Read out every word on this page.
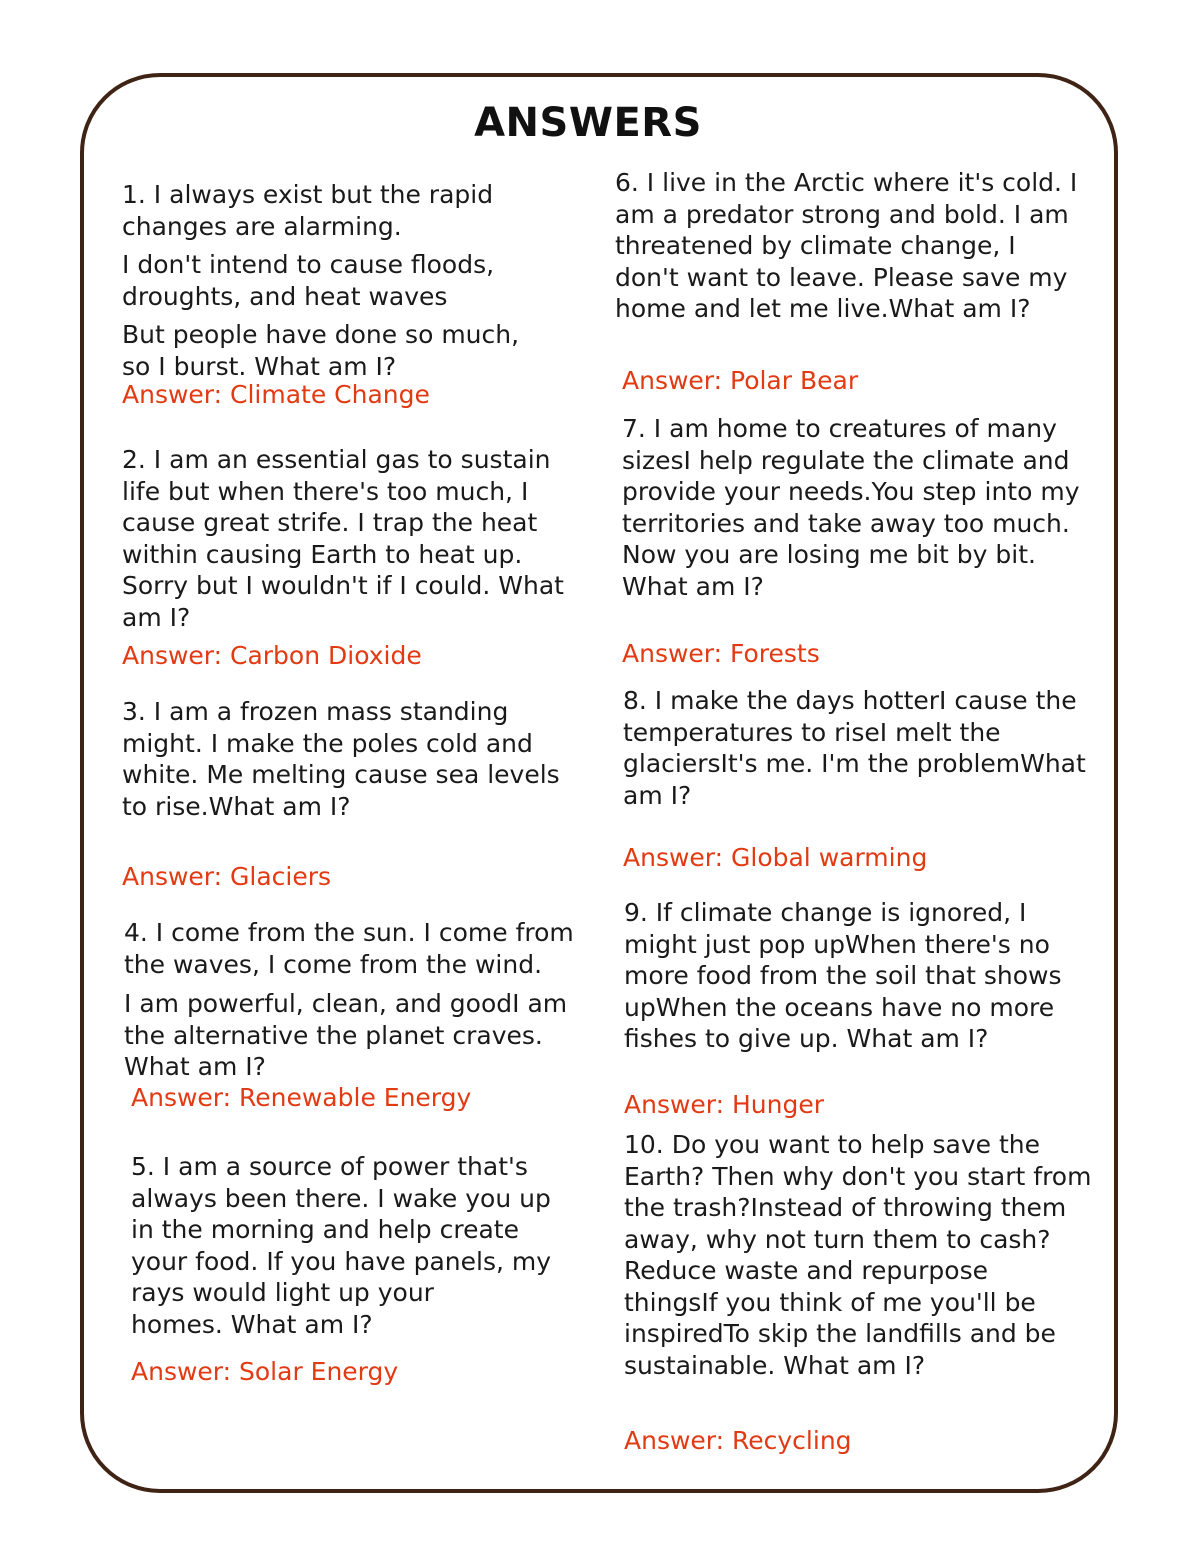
ANSWERS
1. I always exist but the rapid
changes are alarming.
I don't intend to cause floods,
droughts, and heat waves
But people have done so much,
so I burst. What am I?

Answer: Climate Change

2. I am an essential gas to sustain
life but when there's too much, I
cause great strife. I trap the heat
within causing Earth to heat up.
Sorry but I wouldn't if I could. What
am I?

Answer: Carbon Dioxide

3. I am a frozen mass standing
might. I make the poles cold and
white. Me melting cause sea levels
to rise.What am I?

Answer: Glaciers

4. I come from the sun. I come from
the waves, I come from the wind.
I am powerful, clean, and goodI am
the alternative the planet craves.
What am I?

Answer: Renewable Energy

5. I am a source of power that's
always been there. I wake you up
in the morning and help create
your food. If you have panels, my
rays would light up your
homes. What am I?

Answer: Solar Energy

6. I live in the Arctic where it's cold. I
am a predator strong and bold. I am
threatened by climate change, I
don't want to leave. Please save my
home and let me live.What am I?

Answer: Polar Bear

7. I am home to creatures of many
sizesI help regulate the climate and
provide your needs.You step into my
territories and take away too much.
Now you are losing me bit by bit.
What am I?

Answer: Forests

8. I make the days hotterI cause the
temperatures to riseI melt the
glaciersIt's me. I'm the problemWhat
am I?

Answer: Global warming

9. If climate change is ignored, I
might just pop upWhen there's no
more food from the soil that shows
upWhen the oceans have no more
fishes to give up. What am I?

Answer: Hunger

10. Do you want to help save the
Earth? Then why don't you start from
the trash?Instead of throwing them
away, why not turn them to cash?
Reduce waste and repurpose
thingsIf you think of me you'll be
inspiredTo skip the landfills and be
sustainable. What am I?

Answer: Recycling
